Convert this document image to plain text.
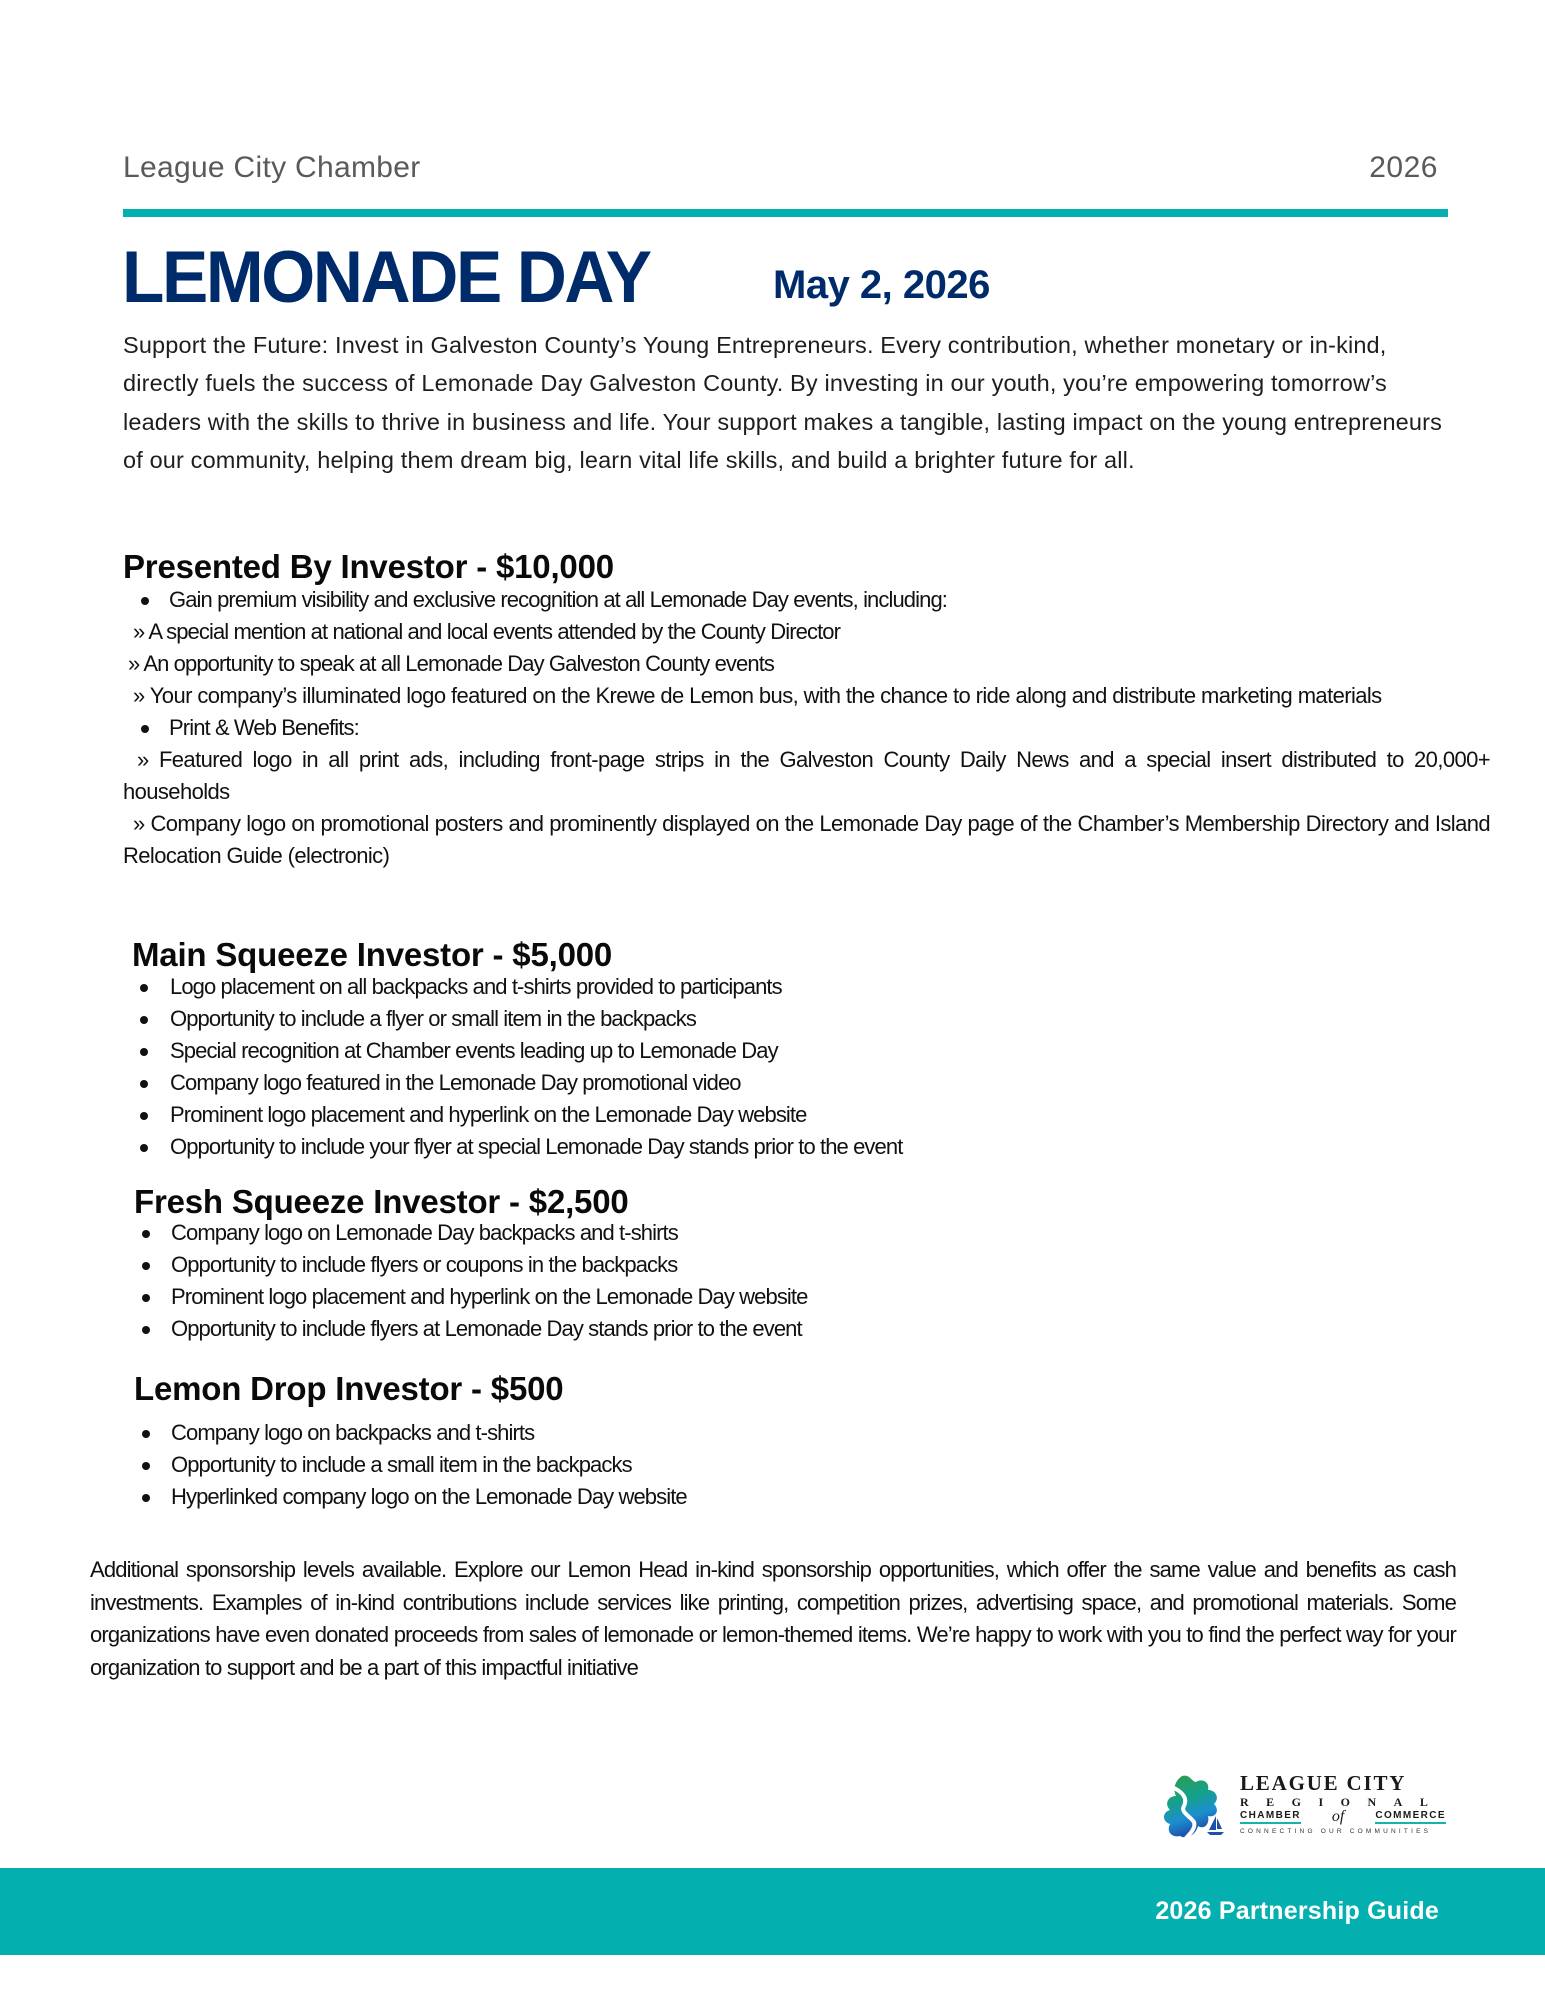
League City Chamber	2026
LEMONADE DAY	May 2, 2026

Support the Future: Invest in Galveston County’s Young Entrepreneurs. Every contribution, whether monetary or in-kind, directly fuels the success of Lemonade Day Galveston County. By investing in our youth, you’re empowering tomorrow’s leaders with the skills to thrive in business and life. Your support makes a tangible, lasting impact on the young entrepreneurs of our community, helping them dream big, learn vital life skills, and build a brighter future for all.

Presented By Investor - $10,000
Gain premium visibility and exclusive recognition at all Lemonade Day events, including:
» A special mention at national and local events attended by the County Director
» An opportunity to speak at all Lemonade Day Galveston County events
» Your company’s illuminated logo featured on the Krewe de Lemon bus, with the chance to ride along and distribute marketing materials
Print & Web Benefits:
» Featured logo in all print ads, including front-page strips in the Galveston County Daily News and a special insert distributed to 20,000+ households
» Company logo on promotional posters and prominently displayed on the Lemonade Day page of the Chamber’s Membership Directory and Island Relocation Guide (electronic)
Main Squeeze Investor - $5,000
Logo placement on all backpacks and t-shirts provided to participants
Opportunity to include a flyer or small item in the backpacks
Special recognition at Chamber events leading up to Lemonade Day
Company logo featured in the Lemonade Day promotional video
Prominent logo placement and hyperlink on the Lemonade Day website
Opportunity to include your flyer at special Lemonade Day stands prior to the event
Fresh Squeeze Investor - $2,500
Company logo on Lemonade Day backpacks and t-shirts
Opportunity to include flyers or coupons in the backpacks
Prominent logo placement and hyperlink on the Lemonade Day website
Opportunity to include flyers at Lemonade Day stands prior to the event
Lemon Drop Investor - $500
Company logo on backpacks and t-shirts
Opportunity to include a small item in the backpacks
Hyperlinked company logo on the Lemonade Day website

Additional sponsorship levels available. Explore our Lemon Head in-kind sponsorship opportunities, which offer the same value and benefits as cash investments. Examples of in-kind contributions include services like printing, competition prizes, advertising space, and promotional materials. Some organizations have even donated proceeds from sales of lemonade or lemon-themed items. We’re happy to work with you to find the perfect way for your organization to support and be a part of this impactful initiative

LEAGUE CITY
REGIONAL
CHAMBER of	COMMERCE
CONNECTING OUR COMMUNITIES
2026 Partnership Guide
